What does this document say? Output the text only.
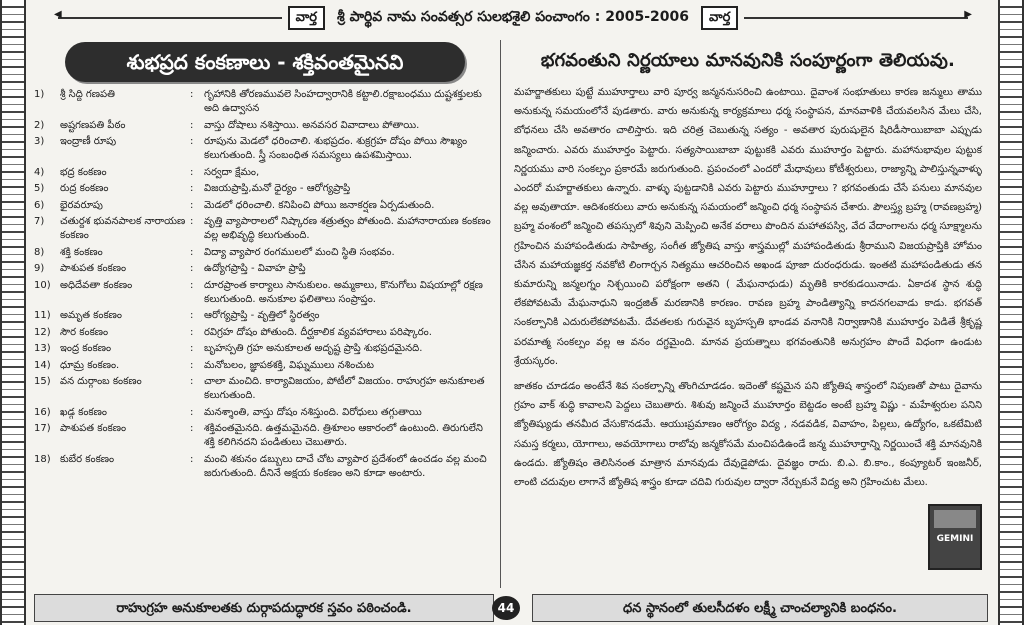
◀
వార్త	శ్రీ పార్థివ నామ సంవత్సర సులభశైలి పంచాంగం : 2005-2006	వార్త
▶
శుభప్రద కంకణాలు - శక్తివంతమైనవి
1)	శ్రీ సిద్ది గణపతి	:	గృహానికి తోరణమువలె సింహద్వారానికి కట్టాలి.రక్షాబంధము దుష్టశక్తులకు అది ఉద్వాసన
2)	అష్టగణపతి పీఠం	:	వాస్తు దోషాలు నశిస్తాయి. అనవసర వివాదాలు పోతాయి.
3)	ఇంద్రాణీ రూపు	:	రూపును మెడలో ధరించాలి. శుభప్రదం. శుక్రగ్రహ దోషం పోయి సౌఖ్యం కలుగుతుంది. స్త్రీ సంబంధిత సమస్యలు ఉపశమిస్తాయి.
4)	భద్ర కంకణం	:	సర్వదా క్షేమం,
5)	రుద్ర కంకణం	:	విజయప్రాప్తి,మనో ధైర్యం - ఆరోగ్యప్రాప్తి
6)	భైరవరూపు	:	మెడలో ధరించాలి. కనిపించి పోయి జనాకర్షణ ఏర్పడుతుంది.
7)	చతుర్దశ భువనపాలక నారాయణ కంకణం
:	వృత్తి వ్యాపారాలలో నిష్కారణ శత్రుత్వం పోతుంది. మహానారాయణ కంకణం వల్ల అభివృద్ధి కలుగుతుంది.
8)	శక్తి కంకణం	:	విద్యా వ్యాపార రంగములలో మంచి స్థితి సంభవం.
9)	పాశుపత కంకణం	:	ఉద్యోగప్రాప్తి - వివాహ ప్రాప్తి
10) అధిదేవతా కంకణం	:	దూరప్రాంత కార్యాలు సానుకులం. అమ్మకాలు, కొనుగోలు విషయాల్లో రక్షణ కలుగుతుంది. అనుకూల ఫలితాలు సంప్రాప్తం.
11) అమృత కంకణం	:	ఆరోగ్యప్రాప్తి - వృత్తిలో స్థిరత్వం
12) సౌర కంకణం	:	రవిగ్రహ దోషం పోతుంది. దీర్ఘకాలిక వ్యవహారాలు పరిష్కారం.
13) ఇంద్ర కంకణం	:	బృహస్పతి గ్రహ అనుకూలత అదృష్ట ప్రాప్తి శుభప్రదమైనది.
14) ధూమ్ర కంకణం.	:	మనోబలం, జ్ఞాపకశక్తి, విఘ్నములు నశించుట
15) వన దుర్గాంబ కంకణం	:	చాలా మంచిది. కార్యావిజయం, పోటీలో విజయం. రాహుగ్రహ అనుకూలత కలుగుతుంది.
16) ఖడ్గ కంకణం	:	మనశ్శాంతి, వాస్తు దోషం నశిస్తుంది. విరోధులు తగ్గుతాయి
17) పాశుపత కంకణం	:	శక్తివంతమైనది. ఉత్తమమైనది. త్రిశూలం ఆకారంలో ఉంటుంది. తిరుగులేని శక్తి కలిగినదని పండితులు చెబుతారు.
18) కుబేర కంకణం	:	మంచి శకునం డబ్బులు దాచే చోట వ్యాపార ప్రదేశంలో ఉంచడం వల్ల మంచి జరుగుతుంది. దీనినే అక్షయ కంకణం అని కూడా అంటారు.
భగవంతుని నిర్ణయాలు మానవునికి సంపూర్ణంగా తెలియవు.

మహర్జాతకులు పుట్టే ముహూర్తాలు వారి పూర్వ జన్మననుసరించి ఉంటాయి. దైవాంశ సంభూతులు కారణ జన్ములు తాము అనుకున్న సమయంలోనే పుడతారు. వారు అనుకున్న కార్యక్రమాలు ధర్మ సంస్థాపన, మానవాళికి చేయవలసిన మేలు చేసి, బోధనలు చేసి అవతారం చాలిస్తారు. ఇది చరిత్ర చెబుతున్న సత్యం - అవతార పురుషులైన షిరిడీసాయిబాబా ఎప్పుడు జన్మించారు. ఎవరు ముహూర్తం పెట్టారు. సత్యసాయిబాబా పుట్టుకకి ఎవరు ముహూర్తం పెట్టారు. మహానుభావుల పుట్టుక నిర్ణయము వారి సంకల్పం ప్రకారమే జరుగుతుంది. ప్రపంచంలో ఎందరో మేధావులు కోటీశ్వరులు, రాజ్యాన్ని పాలిస్తున్నవాళ్ళు ఎందరో మహర్జాతకులు ఉన్నారు. వాళ్ళు పుట్టడానికి ఎవరు పెట్టారు ముహూర్తాలు ? భగవంతుడు చేసే పనులు మానవుల వల్ల అవుతాయా. ఆదిశంకరులు వారు అనుకున్న సమయంలో జన్మించి ధర్మ సంస్థాపన చేశారు. పౌలస్త్య బ్రహ్మ (రావణబ్రహ్మ) బ్రహ్మ వంశంలో జన్మించి తపస్సులో శివుని మెప్పించి అనేక వరాలు పొందిన మహాతపస్వి, వేద వేదాంగాలను ధర్మ సూక్ష్మాలను గ్రహించిన మహాపండితుడు సాహిత్య, సంగీత జ్యోతిష వాస్తు శాస్త్రముల్లో మహాపండితుడు శ్రీరాముని విజయప్రాప్తికి హోమం చేసిన మహాయజ్ఞకర్త నవకోటి లింగార్చన నిత్యము ఆచరించిన అఖండ పూజా దురంధరుడు. ఇంతటి మహాపండితుడు తన కుమారున్ని జన్మలగ్నం నిశ్చయించి పరోక్షంగా అతని ( మేఘనాధుడు) మృతికి కారకుడయినాడు. ఏకాదశ స్థాన శుద్ధి లేకపోవటమే మేఘనాధుని ఇంద్రజిత్ మరణానికి కారణం. రావణ బ్రహ్మ పాండిత్యాన్ని కాదనగలవాడు కాడు. భగవత్ సంకల్పానికి ఎదురులేకపోవటమే. దేవతలకు గురువైన బృహస్పతి భాండవ వనానికి నిర్వాణానికి ముహూర్తం పెడితే శ్రీకృష్ణ పరమాత్మ సంకల్పం వల్ల ఆ వనం దగ్ధమైంది. మానవ ప్రయత్నాలు భగవంతునికి అనుగ్రహం పొందే విధంగా ఉండుట శ్రేయస్కరం.

జాతకం చూడడం అంటేనే శివ సంకల్పాన్ని తొంగిచూడడం. ఇదెంతో కష్టమైన పని జ్యోతిష శాస్త్రంలో నిపుణతో పాటు దైవాను గ్రహం వాక్ శుద్ధి కావాలని పెద్దలు చెబుతారు. శిశువు జన్మించే ముహూర్తం బెట్టడం అంటే బ్రహ్మ విష్ణు - మహేశ్వరుల పనిని జ్యోతిష్యుడు తనమీద వేసుకొనడమే. ఆయుఃప్రమాణం ఆరోగ్యం విద్య , నడవడిక, వివాహం, పిల్లలు, ఉద్యోగం, ఒకటేమిటి సమస్త కర్మలు, యోగాలు, అవయోగాలు రాబోవు జన్మకోసమే మంచిపడిఉండే జన్మ ముహూర్తాన్ని నిర్ణయించే శక్తి మానవునికి ఉండదు. జ్యోతిషం తెలిసినంత మాత్రాన మానవుడు దేవుడైపోడు. దైవజ్ఞం రాదు. బి.ఎ. బి.కాం., కంప్యూటర్ ఇంజనీర్, లాంటి చదువుల లాగానే జ్యోతిష శాస్త్రం కూడా చదివి గురువుల ద్వారా నేర్చుకునే విద్య అని గ్రహించుట మేలు.

GEMINI
రాహుగ్రహ అనుకూలతకు దుర్గాపదుద్ధారక స్తవం పఠించండి.	44	ధన స్థానంలో తులసీదళం లక్ష్మీ చాంచల్యానికి బంధనం.
